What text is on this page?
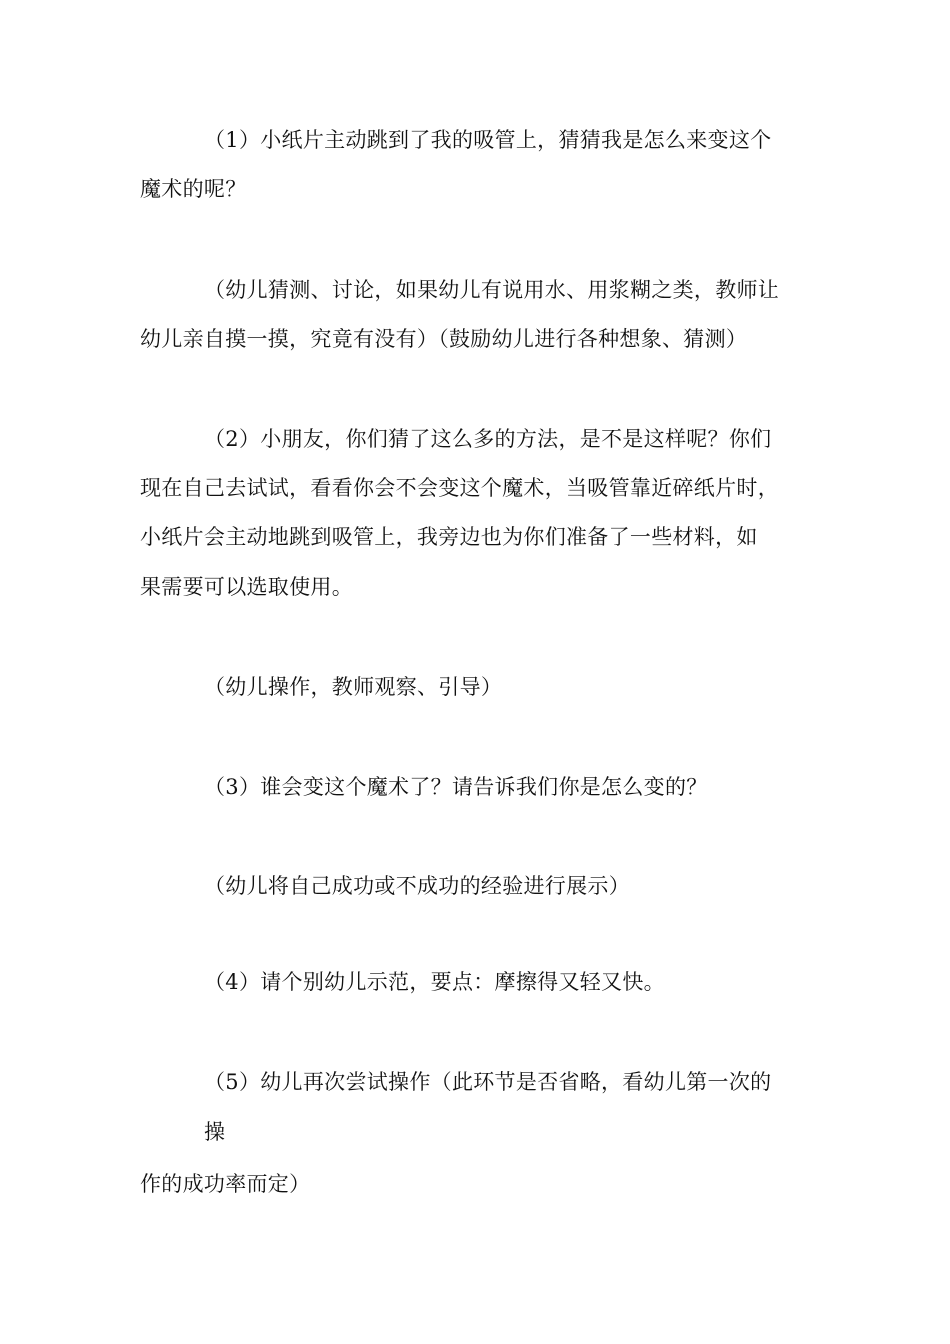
（1）小纸片主动跳到了我的吸管上，猜猜我是怎么来变这个
魔术的呢？
（幼儿猜测、讨论，如果幼儿有说用水、用浆糊之类，教师让
幼儿亲自摸一摸，究竟有没有）（鼓励幼儿进行各种想象、猜测）
（2）小朋友，你们猜了这么多的方法，是不是这样呢？你们
现在自己去试试，看看你会不会变这个魔术，当吸管靠近碎纸片时，
小纸片会主动地跳到吸管上，我旁边也为你们准备了一些材料，如
果需要可以选取使用。
（幼儿操作，教师观察、引导）
（3）谁会变这个魔术了？请告诉我们你是怎么变的？
（幼儿将自己成功或不成功的经验进行展示）
（4）请个别幼儿示范，要点：摩擦得又轻又快。
（5）幼儿再次尝试操作（此环节是否省略，看幼儿第一次的
操
作的成功率而定）
